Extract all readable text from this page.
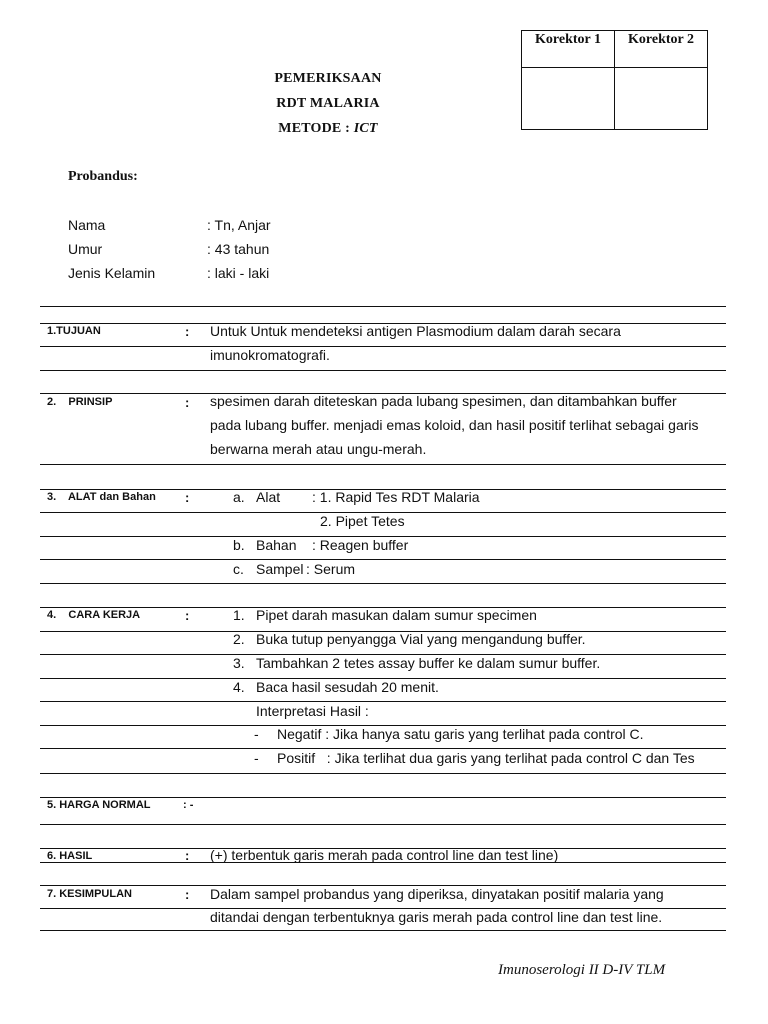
Korektor 1	Korektor 2
PEMERIKSAAN
RDT MALARIA
METODE : ICT
Probandus:
Nama	: Tn, Anjar
Umur	: 43 tahun
Jenis Kelamin	: laki - laki
1.TUJUAN	: Untuk Untuk mendeteksi antigen Plasmodium dalam darah secara
imunokromatografi.
2.    PRINSIP	: spesimen darah diteteskan pada lubang spesimen, dan ditambahkan buffer
pada lubang buffer. menjadi emas koloid, dan hasil positif terlihat sebagai garis
berwarna merah atau ungu-merah.
3.    ALAT dan Bahan :	a. Alat : 1. Rapid Tes RDT Malaria
2. Pipet Tetes
b. Bahan : Reagen buffer
c. Sampel : Serum
4.    CARA KERJA	:	1. Pipet darah masukan dalam sumur specimen
2. Buka tutup penyangga Vial yang mengandung buffer.
3. Tambahkan 2 tetes assay buffer ke dalam sumur buffer.
4. Baca hasil sesudah 20 menit.
Interpretasi Hasil :
- Negatif : Jika hanya satu garis yang terlihat pada control C.
- Positif   : Jika terlihat dua garis yang terlihat pada control C dan Tes
5. HARGA NORMAL	: -
6. HASIL	: (+) terbentuk garis merah pada control line dan test line)
7. KESIMPULAN	: Dalam sampel probandus yang diperiksa, dinyatakan positif malaria yang
ditandai dengan terbentuknya garis merah pada control line dan test line.
Imunoserologi II D-IV TLM
